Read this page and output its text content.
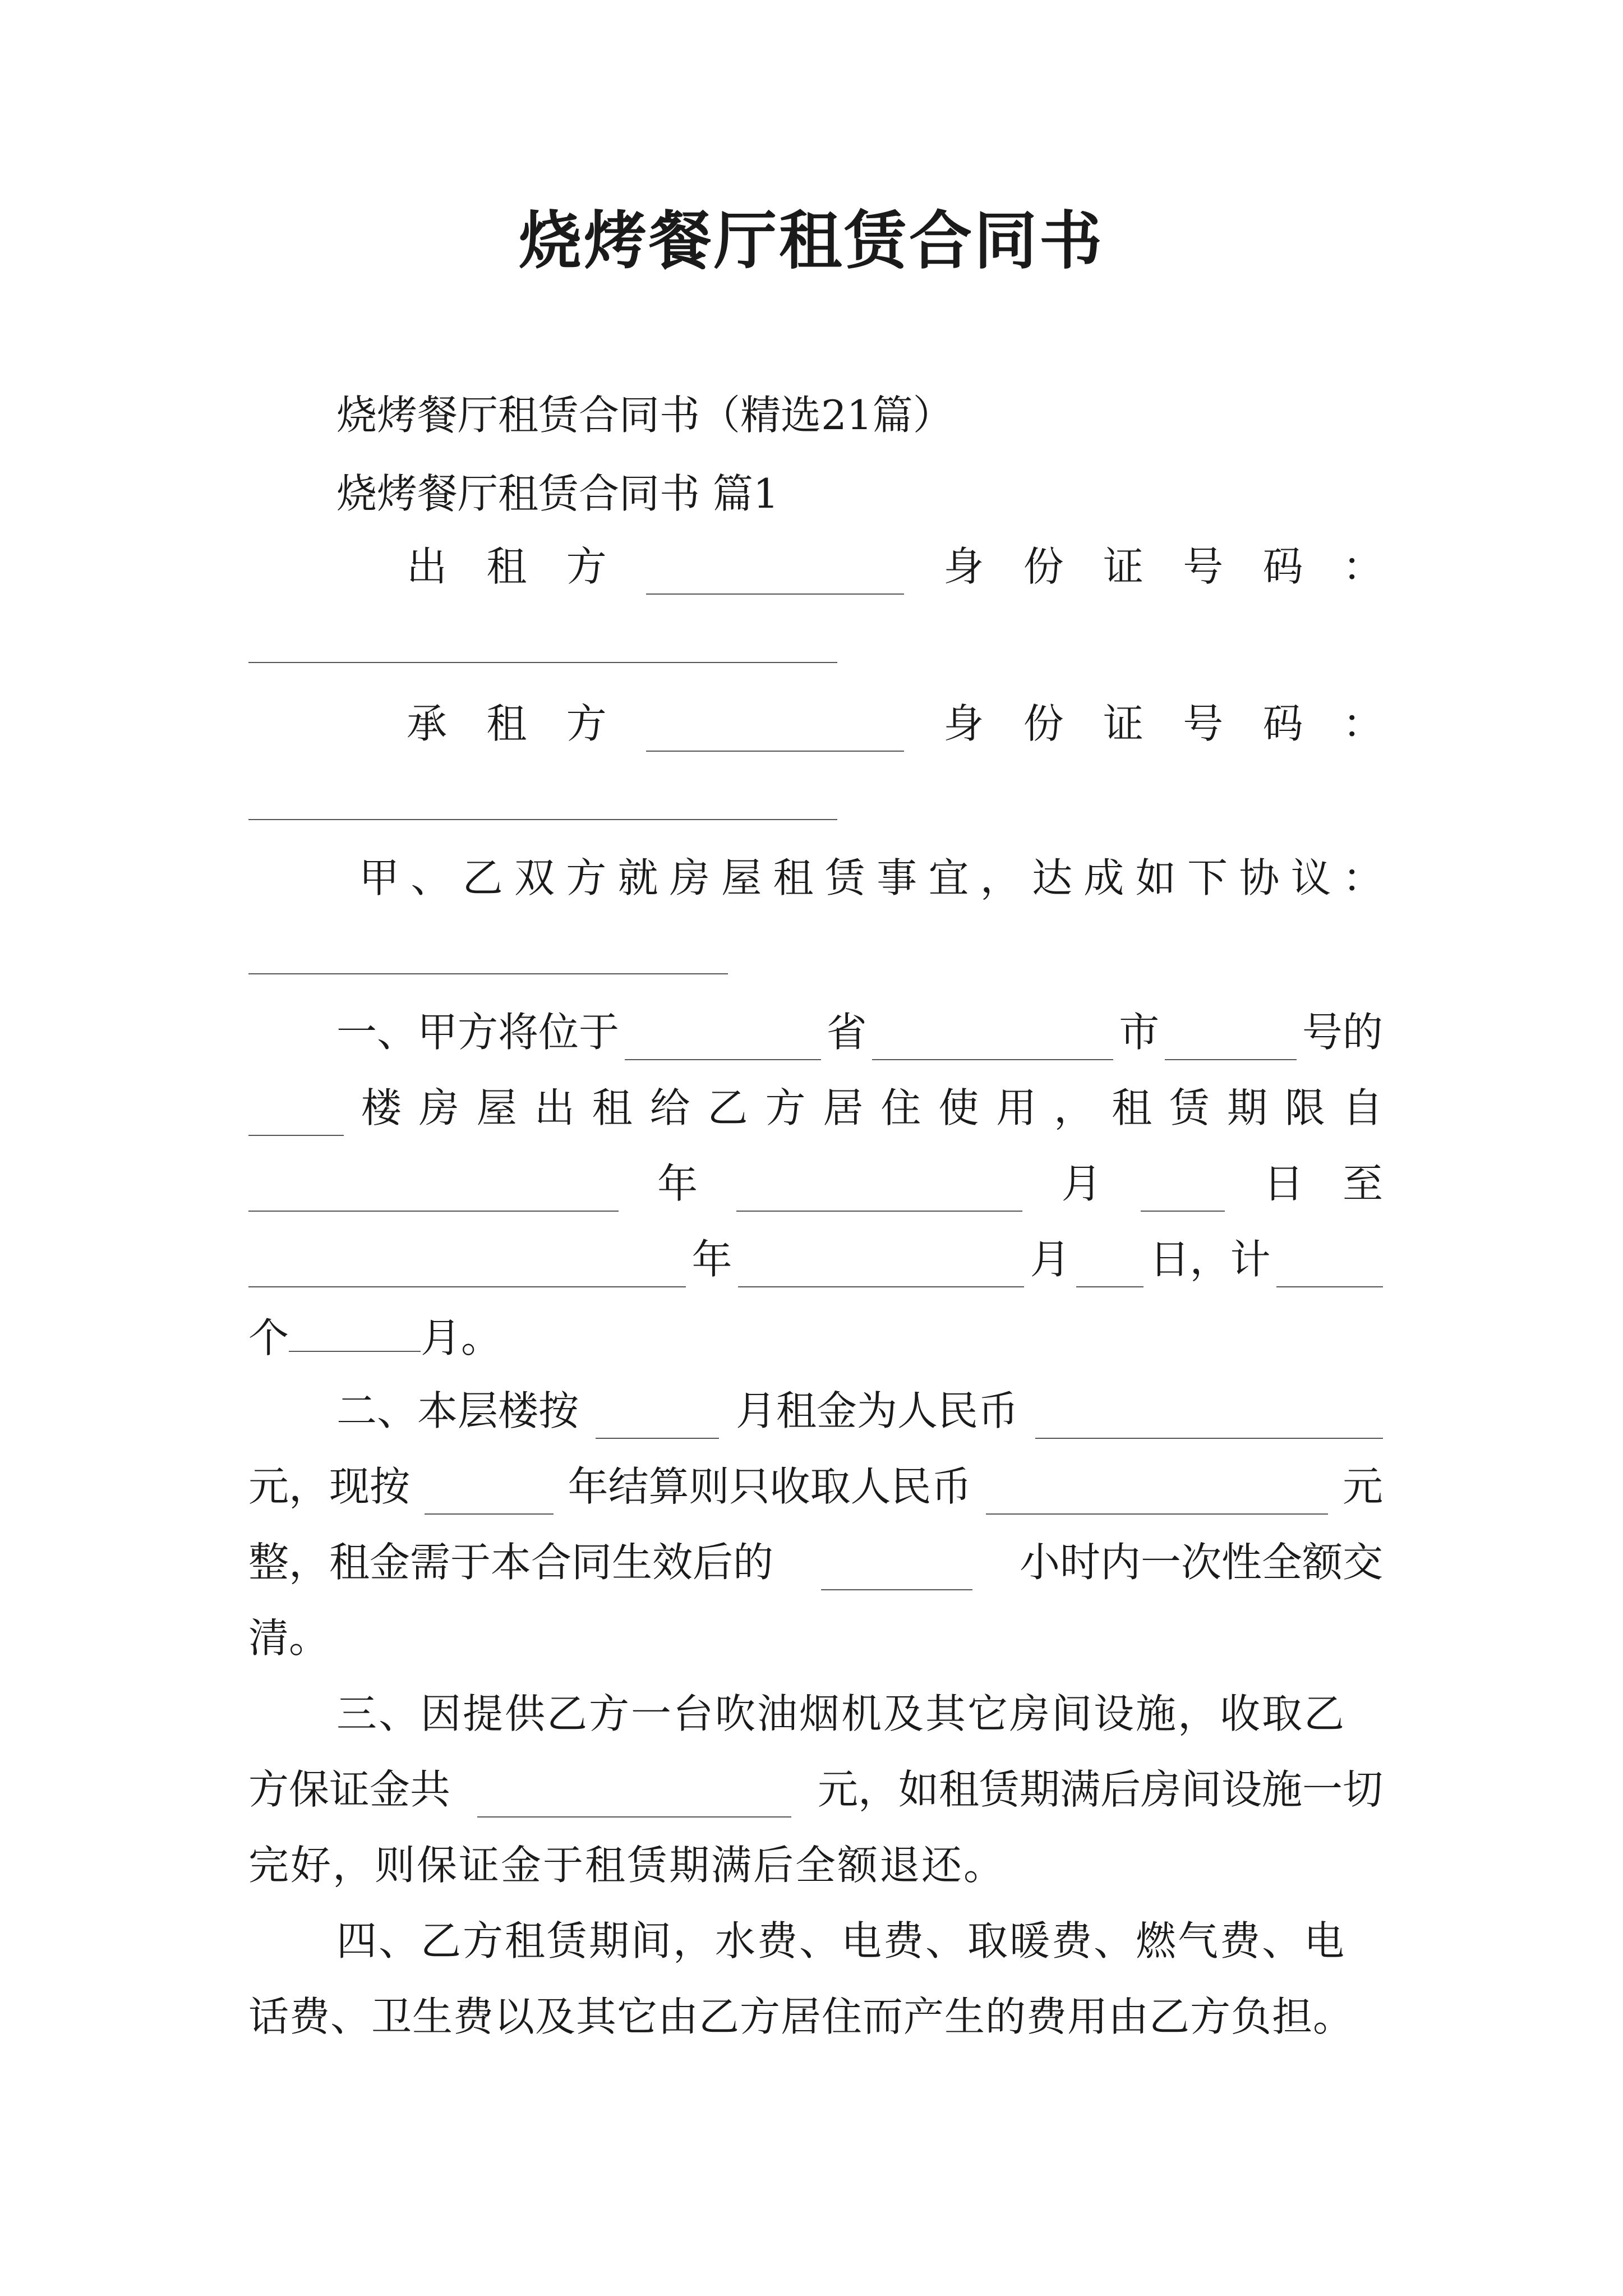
烧烤餐厅租赁合同书
烧烤餐厅租赁合同书（精选21篇）
烧烤餐厅租赁合同书 篇1
出 租 方	身 份 证 号 码 ：
承 租 方	身 份 证 号 码 ：
甲 、 乙 双 方 就 房 屋 租 赁 事 宜 ， 达 成 如 下 协 议 ：
一、甲方将位于	省	市	号的
楼 房 屋 出 租 给 乙 方 居 住 使 用 ， 租 赁 期 限 自
年	月	日 至
年	月 日，计
个	月。
二、本层楼按	月租金为人民币
元，现按	年结算则只收取人民币	元
整，租金需于本合同生效后的	小时内一次性全额交
清。
三、因提供乙方一台吹油烟机及其它房间设施，收取乙
方保证金共	元，如租赁期满后房间设施一切
完好，则保证金于租赁期满后全额退还。
四、乙方租赁期间，水费、电费、取暖费、燃气费、电
话费、卫生费以及其它由乙方居住而产生的费用由乙方负担。
